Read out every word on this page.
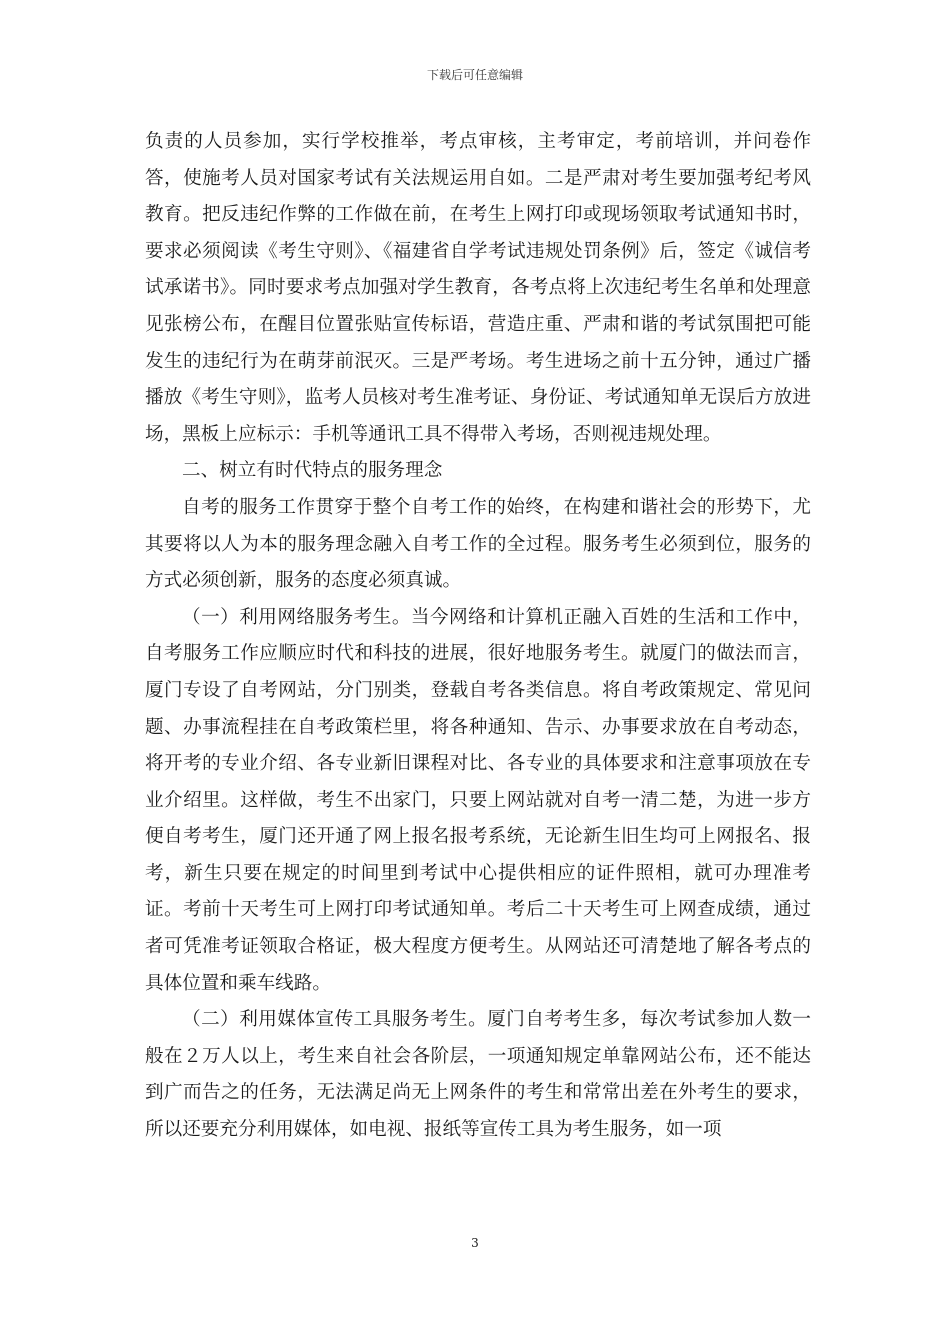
下载后可任意编辑

负责的人员参加，实行学校推举，考点审核，主考审定，考前培训，并问卷作答，使施考人员对国家考试有关法规运用自如。二是严肃对考生要加强考纪考风教育。把反违纪作弊的工作做在前，在考生上网打印或现场领取考试通知书时，要求必须阅读《考生守则》、《福建省自学考试违规处罚条例》后，签定《诚信考试承诺书》。同时要求考点加强对学生教育，各考点将上次违纪考生名单和处理意见张榜公布，在醒目位置张贴宣传标语，营造庄重、严肃和谐的考试氛围把可能发生的违纪行为在萌芽前泯灭。三是严考场。考生进场之前十五分钟，通过广播播放《考生守则》，监考人员核对考生准考证、身份证、考试通知单无误后方放进场，黑板上应标示：手机等通讯工具不得带入考场，否则视违规处理。

二、树立有时代特点的服务理念

自考的服务工作贯穿于整个自考工作的始终，在构建和谐社会的形势下，尤其要将以人为本的服务理念融入自考工作的全过程。服务考生必须到位，服务的方式必须创新，服务的态度必须真诚。

（一）利用网络服务考生。当今网络和计算机正融入百姓的生活和工作中，自考服务工作应顺应时代和科技的进展，很好地服务考生。就厦门的做法而言，厦门专设了自考网站，分门别类，登载自考各类信息。将自考政策规定、常见问题、办事流程挂在自考政策栏里，将各种通知、告示、办事要求放在自考动态，将开考的专业介绍、各专业新旧课程对比、各专业的具体要求和注意事项放在专业介绍里。这样做，考生不出家门，只要上网站就对自考一清二楚，为进一步方便自考考生，厦门还开通了网上报名报考系统，无论新生旧生均可上网报名、报考，新生只要在规定的时间里到考试中心提供相应的证件照相，就可办理准考证。考前十天考生可上网打印考试通知单。考后二十天考生可上网查成绩，通过者可凭准考证领取合格证，极大程度方便考生。从网站还可清楚地了解各考点的具体位置和乘车线路。

（二）利用媒体宣传工具服务考生。厦门自考考生多，每次考试参加人数一般在２万人以上，考生来自社会各阶层，一项通知规定单靠网站公布，还不能达到广而告之的任务，无法满足尚无上网条件的考生和常常出差在外考生的要求，所以还要充分利用媒体，如电视、报纸等宣传工具为考生服务，如一项

3
